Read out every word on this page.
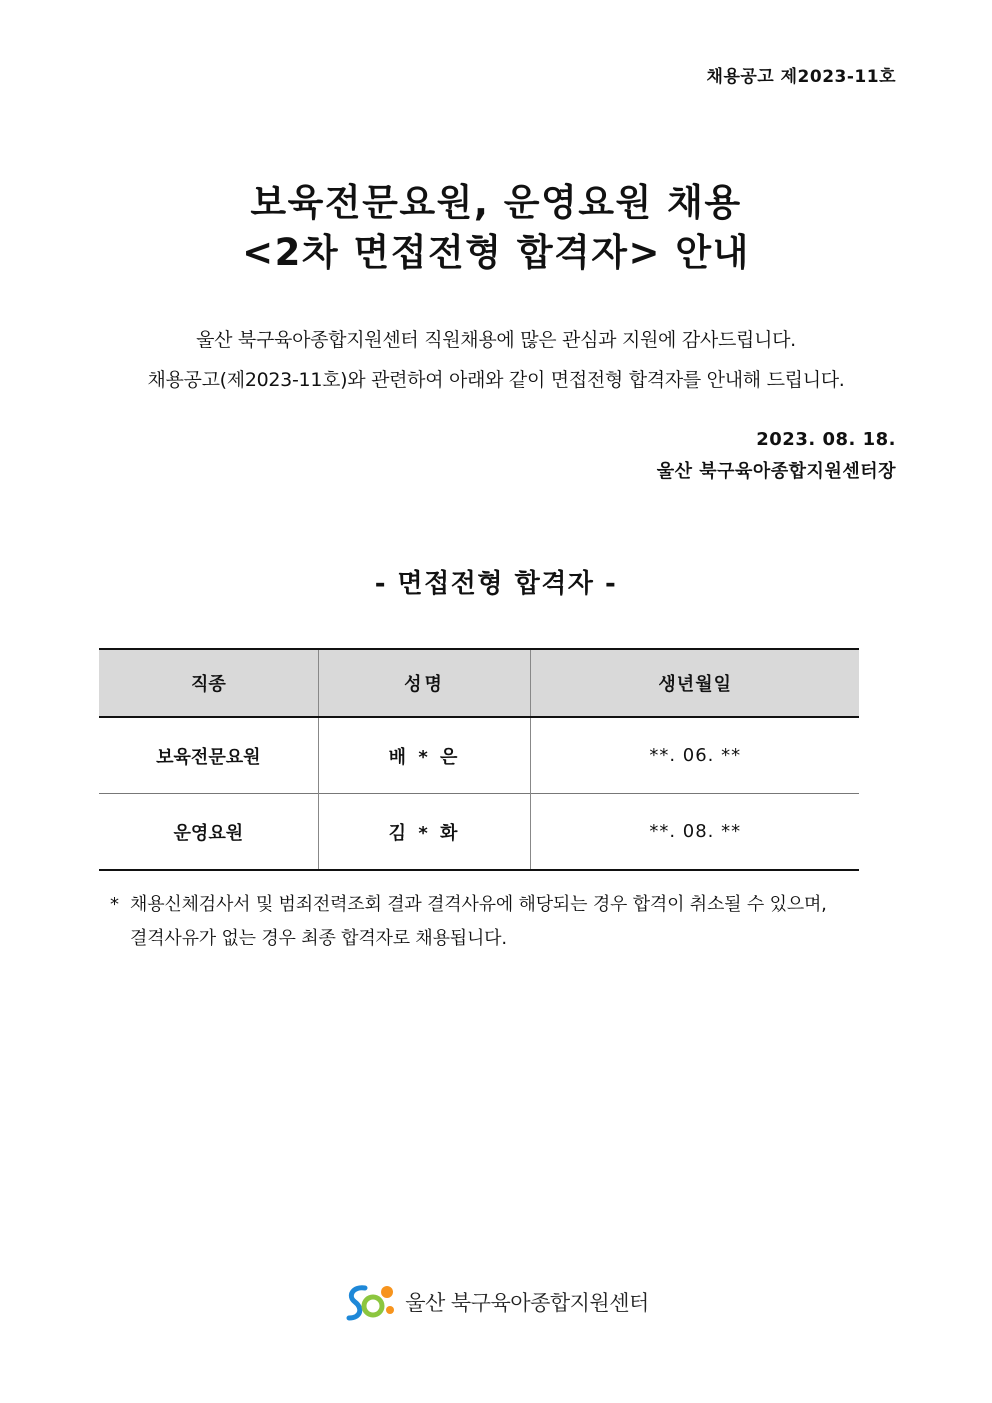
채용공고 제2023-11호
보육전문요원, 운영요원 채용
<2차 면접전형 합격자> 안내
울산 북구육아종합지원센터 직원채용에 많은 관심과 지원에 감사드립니다.
채용공고(제2023-11호)와 관련하여 아래와 같이 면접전형 합격자를 안내해 드립니다.
2023. 08. 18.
울산 북구육아종합지원센터장
- 면접전형 합격자 -
직종	성명	생년월일
보육전문요원	배 * 은	**. 06. **
운영요원	김 * 화	**. 08. **
* 채용신체검사서 및 범죄전력조회 결과 결격사유에 해당되는 경우 합격이 취소될 수 있으며,
결격사유가 없는 경우 최종 합격자로 채용됩니다.
울산 북구육아종합지원센터
